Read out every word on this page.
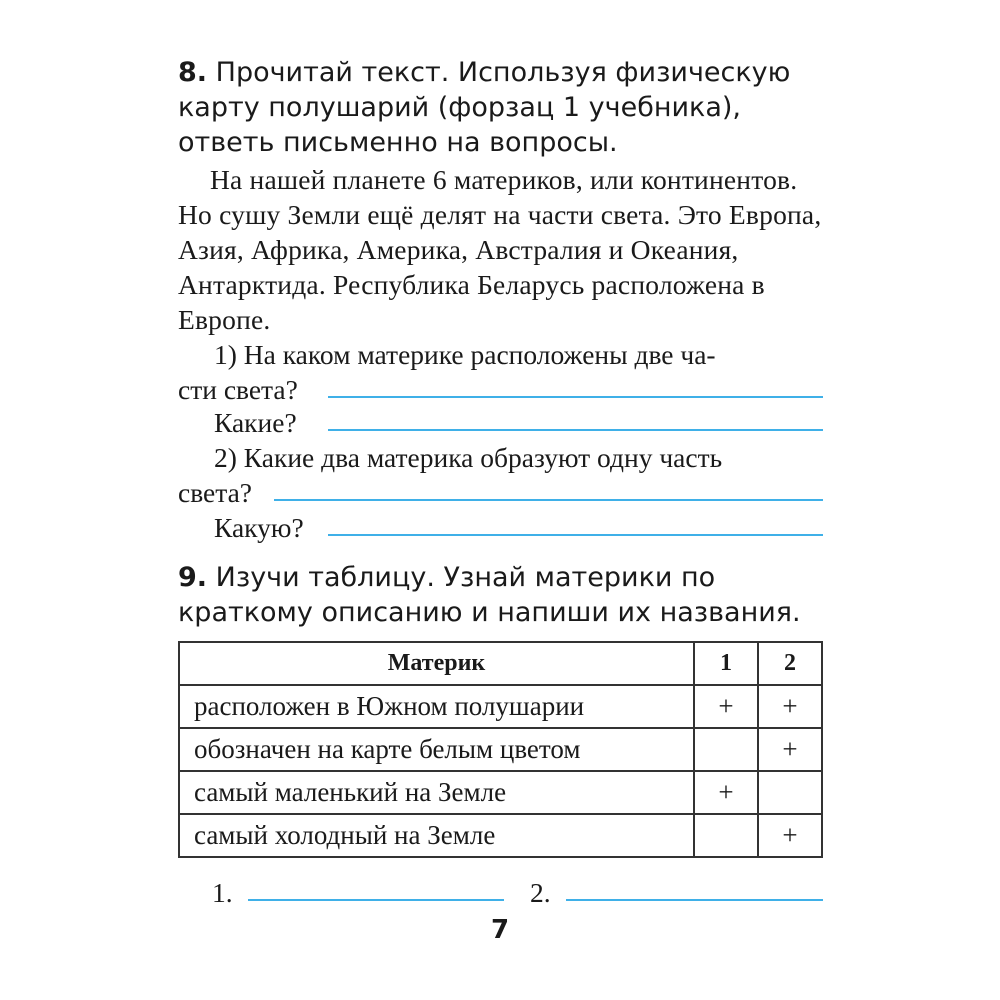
8. Прочитай текст. Используя физическую карту полушарий (форзац 1 учебника), ответь письменно на вопросы.
На нашей планете 6 материков, или континентов. Но сушу Земли ещё делят на части света. Это Европа, Азия, Африка, Америка, Австралия и Океания, Антарктида. Республика Беларусь расположена в Европе.
1) На каком материке расположены две ча-
сти света?
Какие?
2) Какие два материка образуют одну часть
света?
Какую?
9. Изучи таблицу. Узнай материки по краткому описанию и напиши их названия.
Материк	1	2
расположен в Южном полушарии	+	+
обозначен на карте белым цветом		+
самый маленький на Земле	+	
самый холодный на Земле		+
1.	2.
7
